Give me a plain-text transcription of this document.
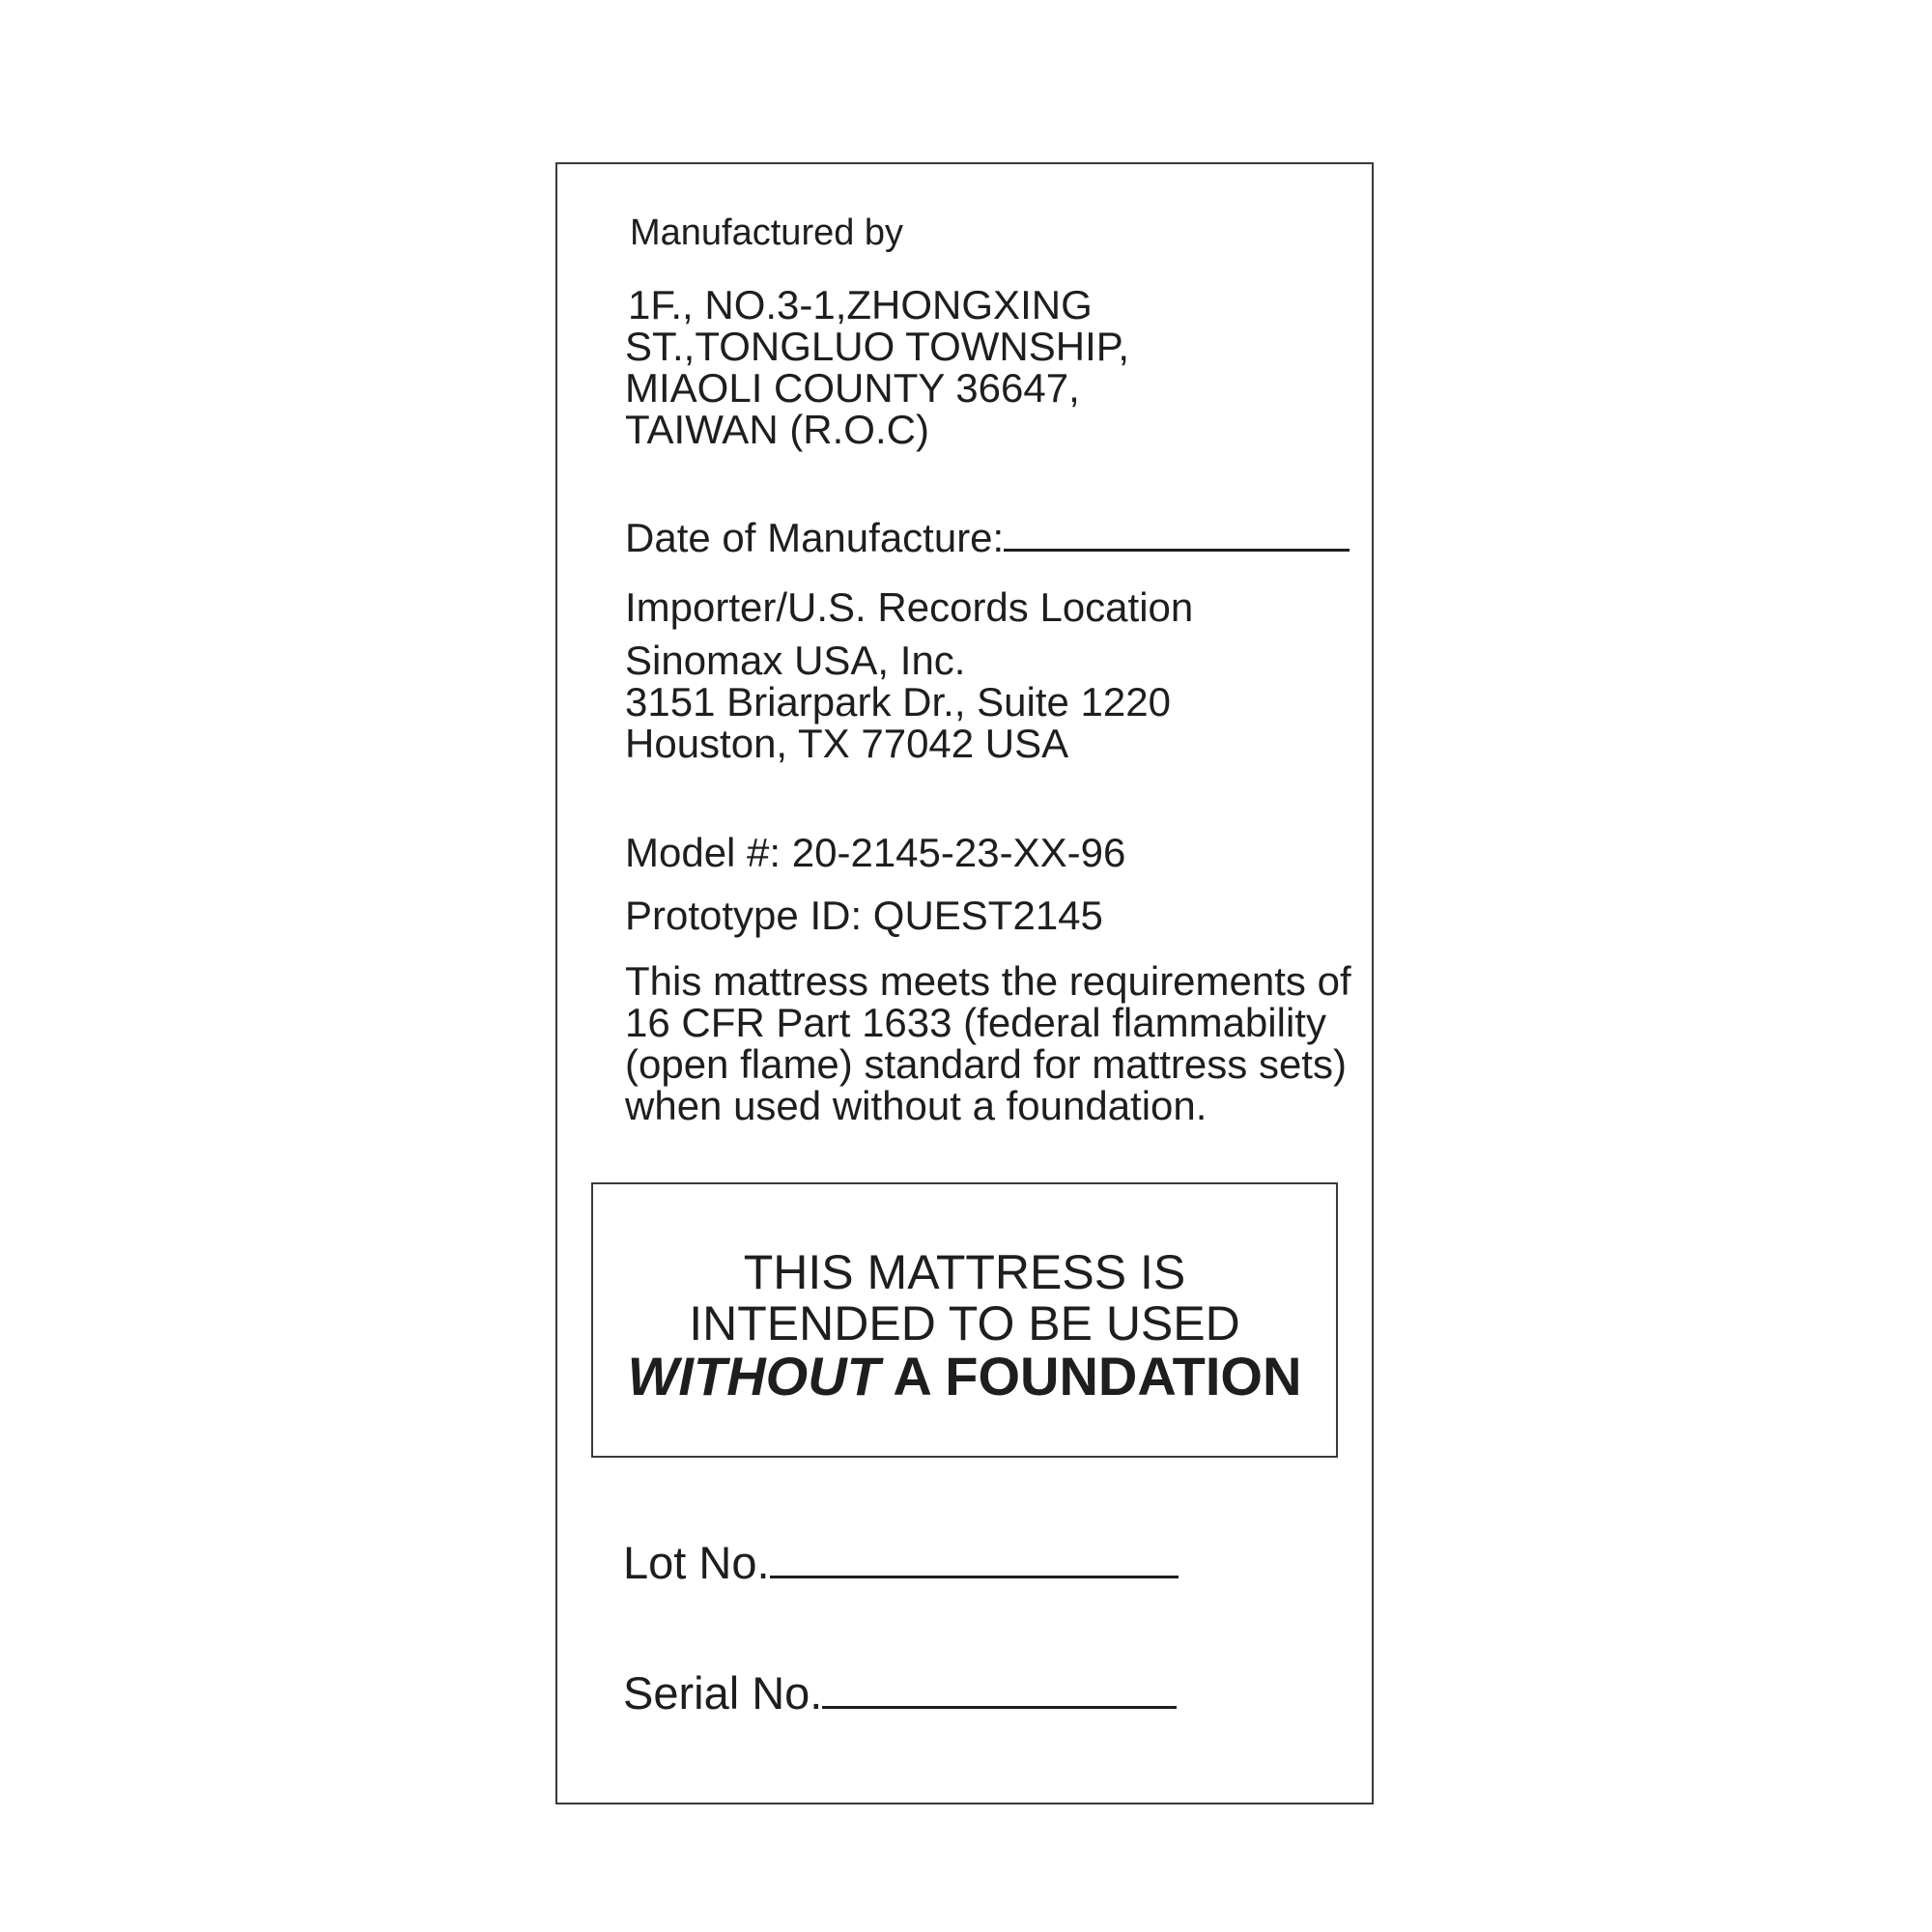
Manufactured by
1F., NO.3-1,ZHONGXING
ST.,TONGLUO TOWNSHIP,
MIAOLI COUNTY 36647,
TAIWAN (R.O.C)
Date of Manufacture:
Importer/U.S. Records Location
Sinomax USA, Inc.
3151 Briarpark Dr., Suite 1220
Houston, TX 77042 USA
Model #: 20-2145-23-XX-96
Prototype ID: QUEST2145
This mattress meets the requirements of
16 CFR Part 1633 (federal flammability
(open flame) standard for mattress sets)
when used without a foundation.
THIS MATTRESS IS
INTENDED TO BE USED
WITHOUT A FOUNDATION
Lot No.
Serial No.
